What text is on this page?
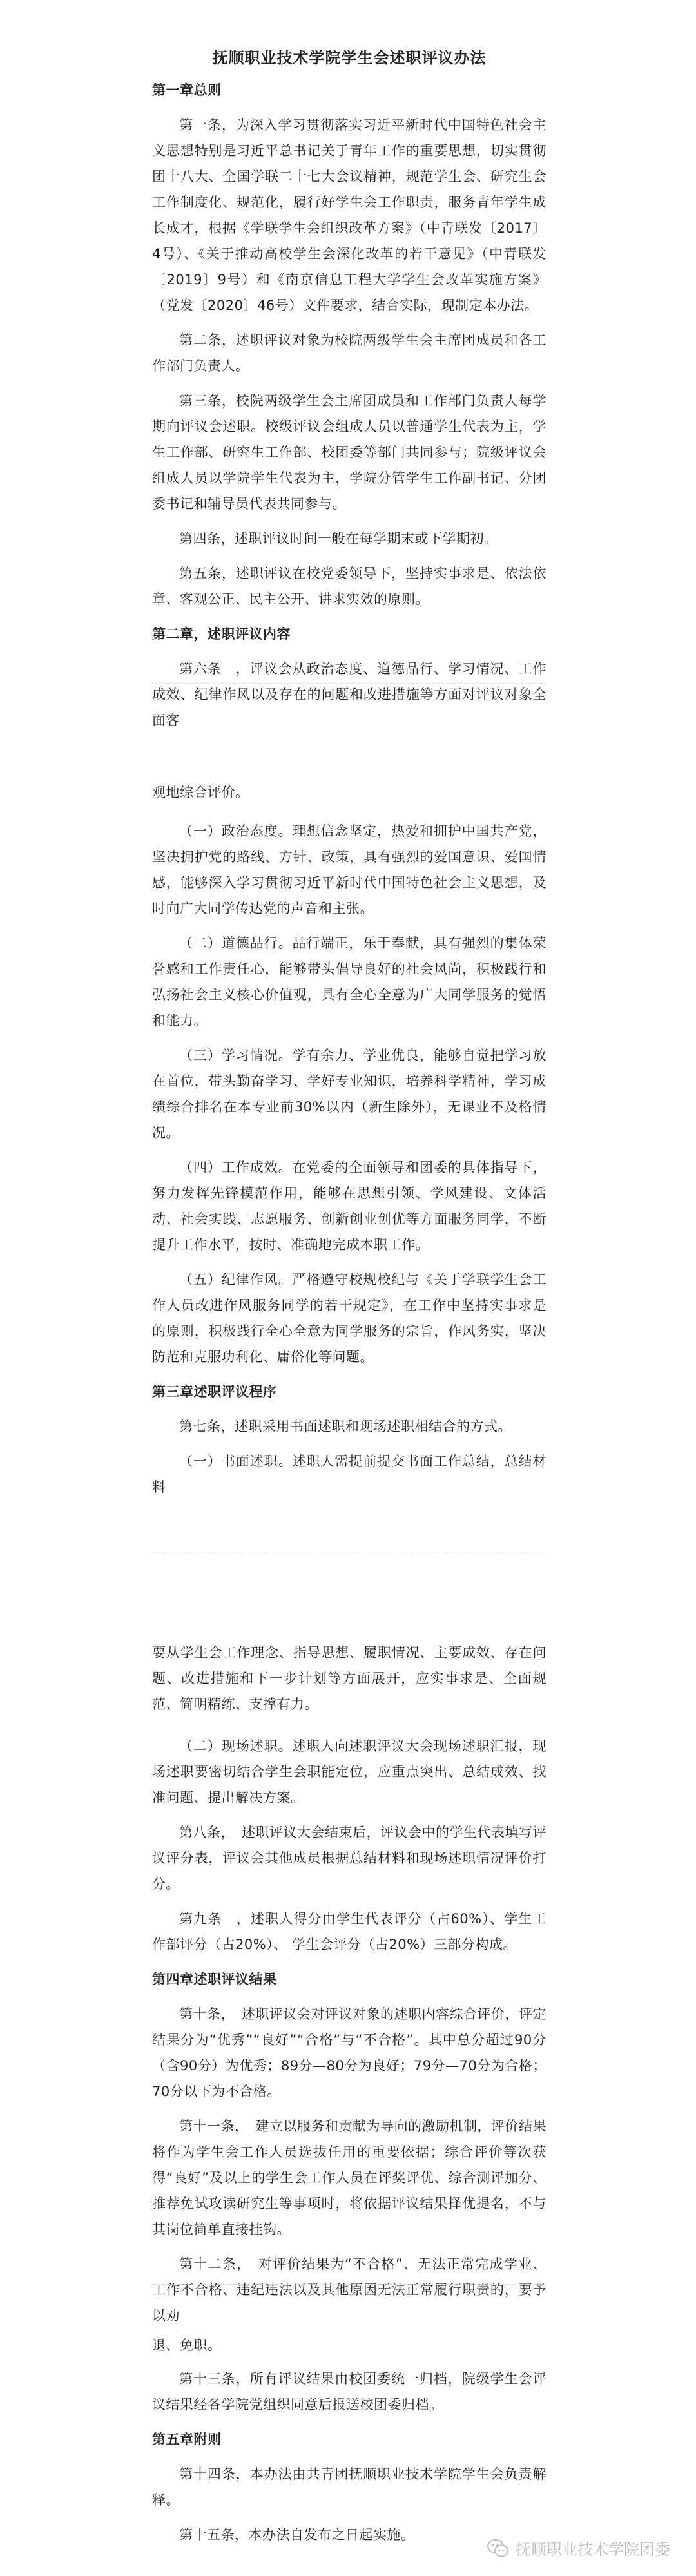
抚顺职业技术学院学生会述职评议办法

第一章总则

第一条，为深入学习贯彻落实习近平新时代中国特色社会主义思想特别是习近平总书记关于青年工作的重要思想，切实贯彻团十八大、全国学联二十七大会议精神，规范学生会、研究生会工作制度化、规范化，履行好学生会工作职责，服务青年学生成长成才，根据《学联学生会组织改革方案》（中青联发〔2017〕4号）、《关于推动高校学生会深化改革的若干意见》（中青联发〔2019〕9号）和《南京信息工程大学学生会改革实施方案》（党发〔2020〕46号）文件要求，结合实际，现制定本办法。

第二条，述职评议对象为校院两级学生会主席团成员和各工作部门负责人。

第三条，校院两级学生会主席团成员和工作部门负责人每学期向评议会述职。校级评议会组成人员以普通学生代表为主，学生工作部、研究生工作部、校团委等部门共同参与；院级评议会组成人员以学院学生代表为主，学院分管学生工作副书记、分团委书记和辅导员代表共同参与。

第四条，述职评议时间一般在每学期末或下学期初。

第五条，述职评议在校党委领导下，坚持实事求是、依法依章、客观公正、民主公开、讲求实效的原则。

第二章，述职评议内容

第六条　，评议会从政治态度、道德品行、学习情况、工作成效、纪律作风以及存在的问题和改进措施等方面对评议对象全面客

观地综合评价。

（一）政治态度。理想信念坚定，热爱和拥护中国共产党，坚决拥护党的路线、方针、政策，具有强烈的爱国意识、爱国情感，能够深入学习贯彻习近平新时代中国特色社会主义思想，及时向广大同学传达党的声音和主张。

（二）道德品行。品行端正，乐于奉献，具有强烈的集体荣誉感和工作责任心，能够带头倡导良好的社会风尚，积极践行和弘扬社会主义核心价值观，具有全心全意为广大同学服务的觉悟和能力。

（三）学习情况。学有余力、学业优良，能够自觉把学习放在首位，带头勤奋学习、学好专业知识，培养科学精神，学习成绩综合排名在本专业前30%以内（新生除外），无课业不及格情况。

（四）工作成效。在党委的全面领导和团委的具体指导下，努力发挥先锋模范作用，能够在思想引领、学风建设、文体活动、社会实践、志愿服务、创新创业创优等方面服务同学，不断提升工作水平，按时、准确地完成本职工作。

（五）纪律作风。严格遵守校规校纪与《关于学联学生会工作人员改进作风服务同学的若干规定》，在工作中坚持实事求是的原则，积极践行全心全意为同学服务的宗旨，作风务实，坚决防范和克服功利化、庸俗化等问题。

第三章述职评议程序

第七条，述职采用书面述职和现场述职相结合的方式。

（一）书面述职。述职人需提前提交书面工作总结，总结材料

要从学生会工作理念、指导思想、履职情况、主要成效、存在问题、改进措施和下一步计划等方面展开，应实事求是、全面规范、简明精练、支撑有力。

（二）现场述职。述职人向述职评议大会现场述职汇报，现场述职要密切结合学生会职能定位，应重点突出、总结成效、找准问题、提出解决方案。

第八条，　述职评议大会结束后，评议会中的学生代表填写评议评分表，评议会其他成员根据总结材料和现场述职情况评价打分。

第九条　，述职人得分由学生代表评分（占60%）、学生工作部评分（占20%）、 学生会评分（占20%）三部分构成。

第四章述职评议结果

第十条，　述职评议会对评议对象的述职内容综合评价，评定结果分为“优秀”“良好”“合格”与“不合格”。其中总分超过90分（含90分）为优秀；89分—80分为良好；79分—70分为合格；70分以下为不合格。

第十一条，　建立以服务和贡献为导向的激励机制，评价结果将作为学生会工作人员选拔任用的重要依据；综合评价等次获得“良好”及以上的学生会工作人员在评奖评优、综合测评加分、推荐免试攻读研究生等事项时，将依据评议结果择优提名，不与其岗位简单直接挂钩。

第十二条，　对评价结果为“不合格”、无法正常完成学业、工作不合格、违纪违法以及其他原因无法正常履行职责的，要予以劝

退、免职。

第十三条，所有评议结果由校团委统一归档，院级学生会评议结果经各学院党组织同意后报送校团委归档。

第五章附则

第十四条，本办法由共青团抚顺职业技术学院学生会负责解释。

第十五条，本办法自发布之日起实施。

抚顺职业技术学院团委
